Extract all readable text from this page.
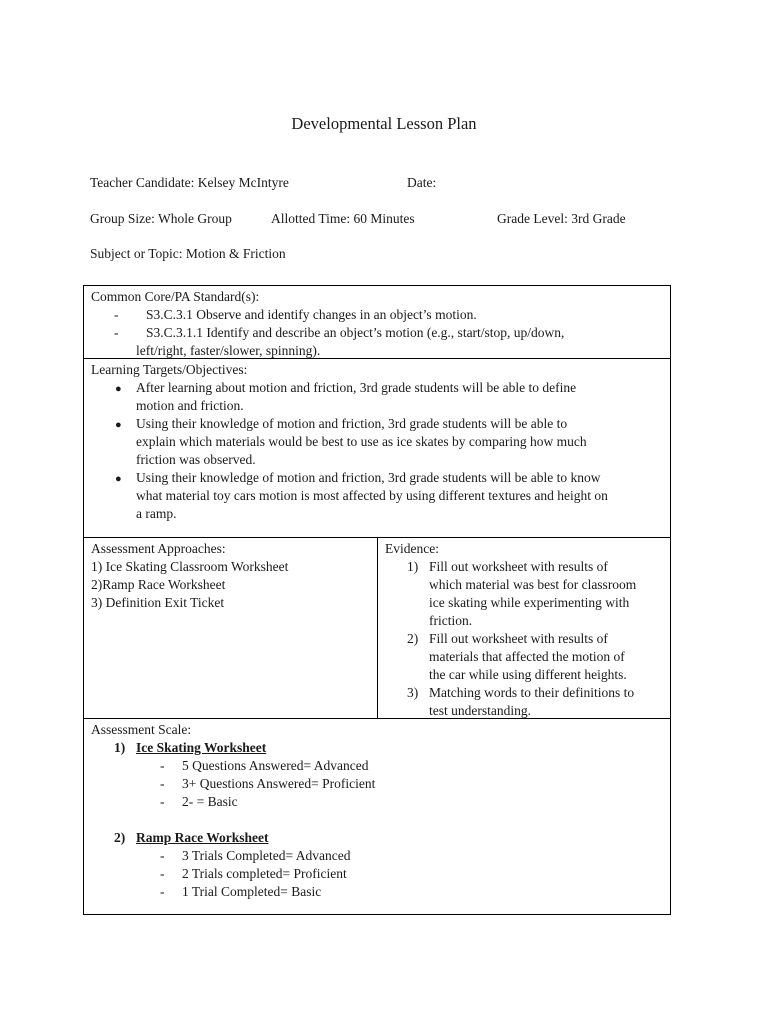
Developmental Lesson Plan
Teacher Candidate: Kelsey McIntyre	Date:
Group Size: Whole Group	Allotted Time: 60 Minutes	Grade Level: 3rd Grade
Subject or Topic: Motion & Friction
Common Core/PA Standard(s):
- S3.C.3.1 Observe and identify changes in an object’s motion.
- S3.C.3.1.1 Identify and describe an object’s motion (e.g., start/stop, up/down,
left/right, faster/slower, spinning).
Learning Targets/Objectives:
● After learning about motion and friction, 3rd grade students will be able to define
motion and friction.
● Using their knowledge of motion and friction, 3rd grade students will be able to
explain which materials would be best to use as ice skates by comparing how much
friction was observed.
● Using their knowledge of motion and friction, 3rd grade students will be able to know
what material toy cars motion is most affected by using different textures and height on
a ramp.
Assessment Approaches:
1) Ice Skating Classroom Worksheet
2)Ramp Race Worksheet
3) Definition Exit Ticket
Evidence:
1) Fill out worksheet with results of
which material was best for classroom
ice skating while experimenting with
friction.
2) Fill out worksheet with results of
materials that affected the motion of
the car while using different heights.
3) Matching words to their definitions to
test understanding.
Assessment Scale:
1) Ice Skating Worksheet
- 5 Questions Answered= Advanced
- 3+ Questions Answered= Proficient
- 2- = Basic
2) Ramp Race Worksheet
- 3 Trials Completed= Advanced
- 2 Trials completed= Proficient
- 1 Trial Completed= Basic
